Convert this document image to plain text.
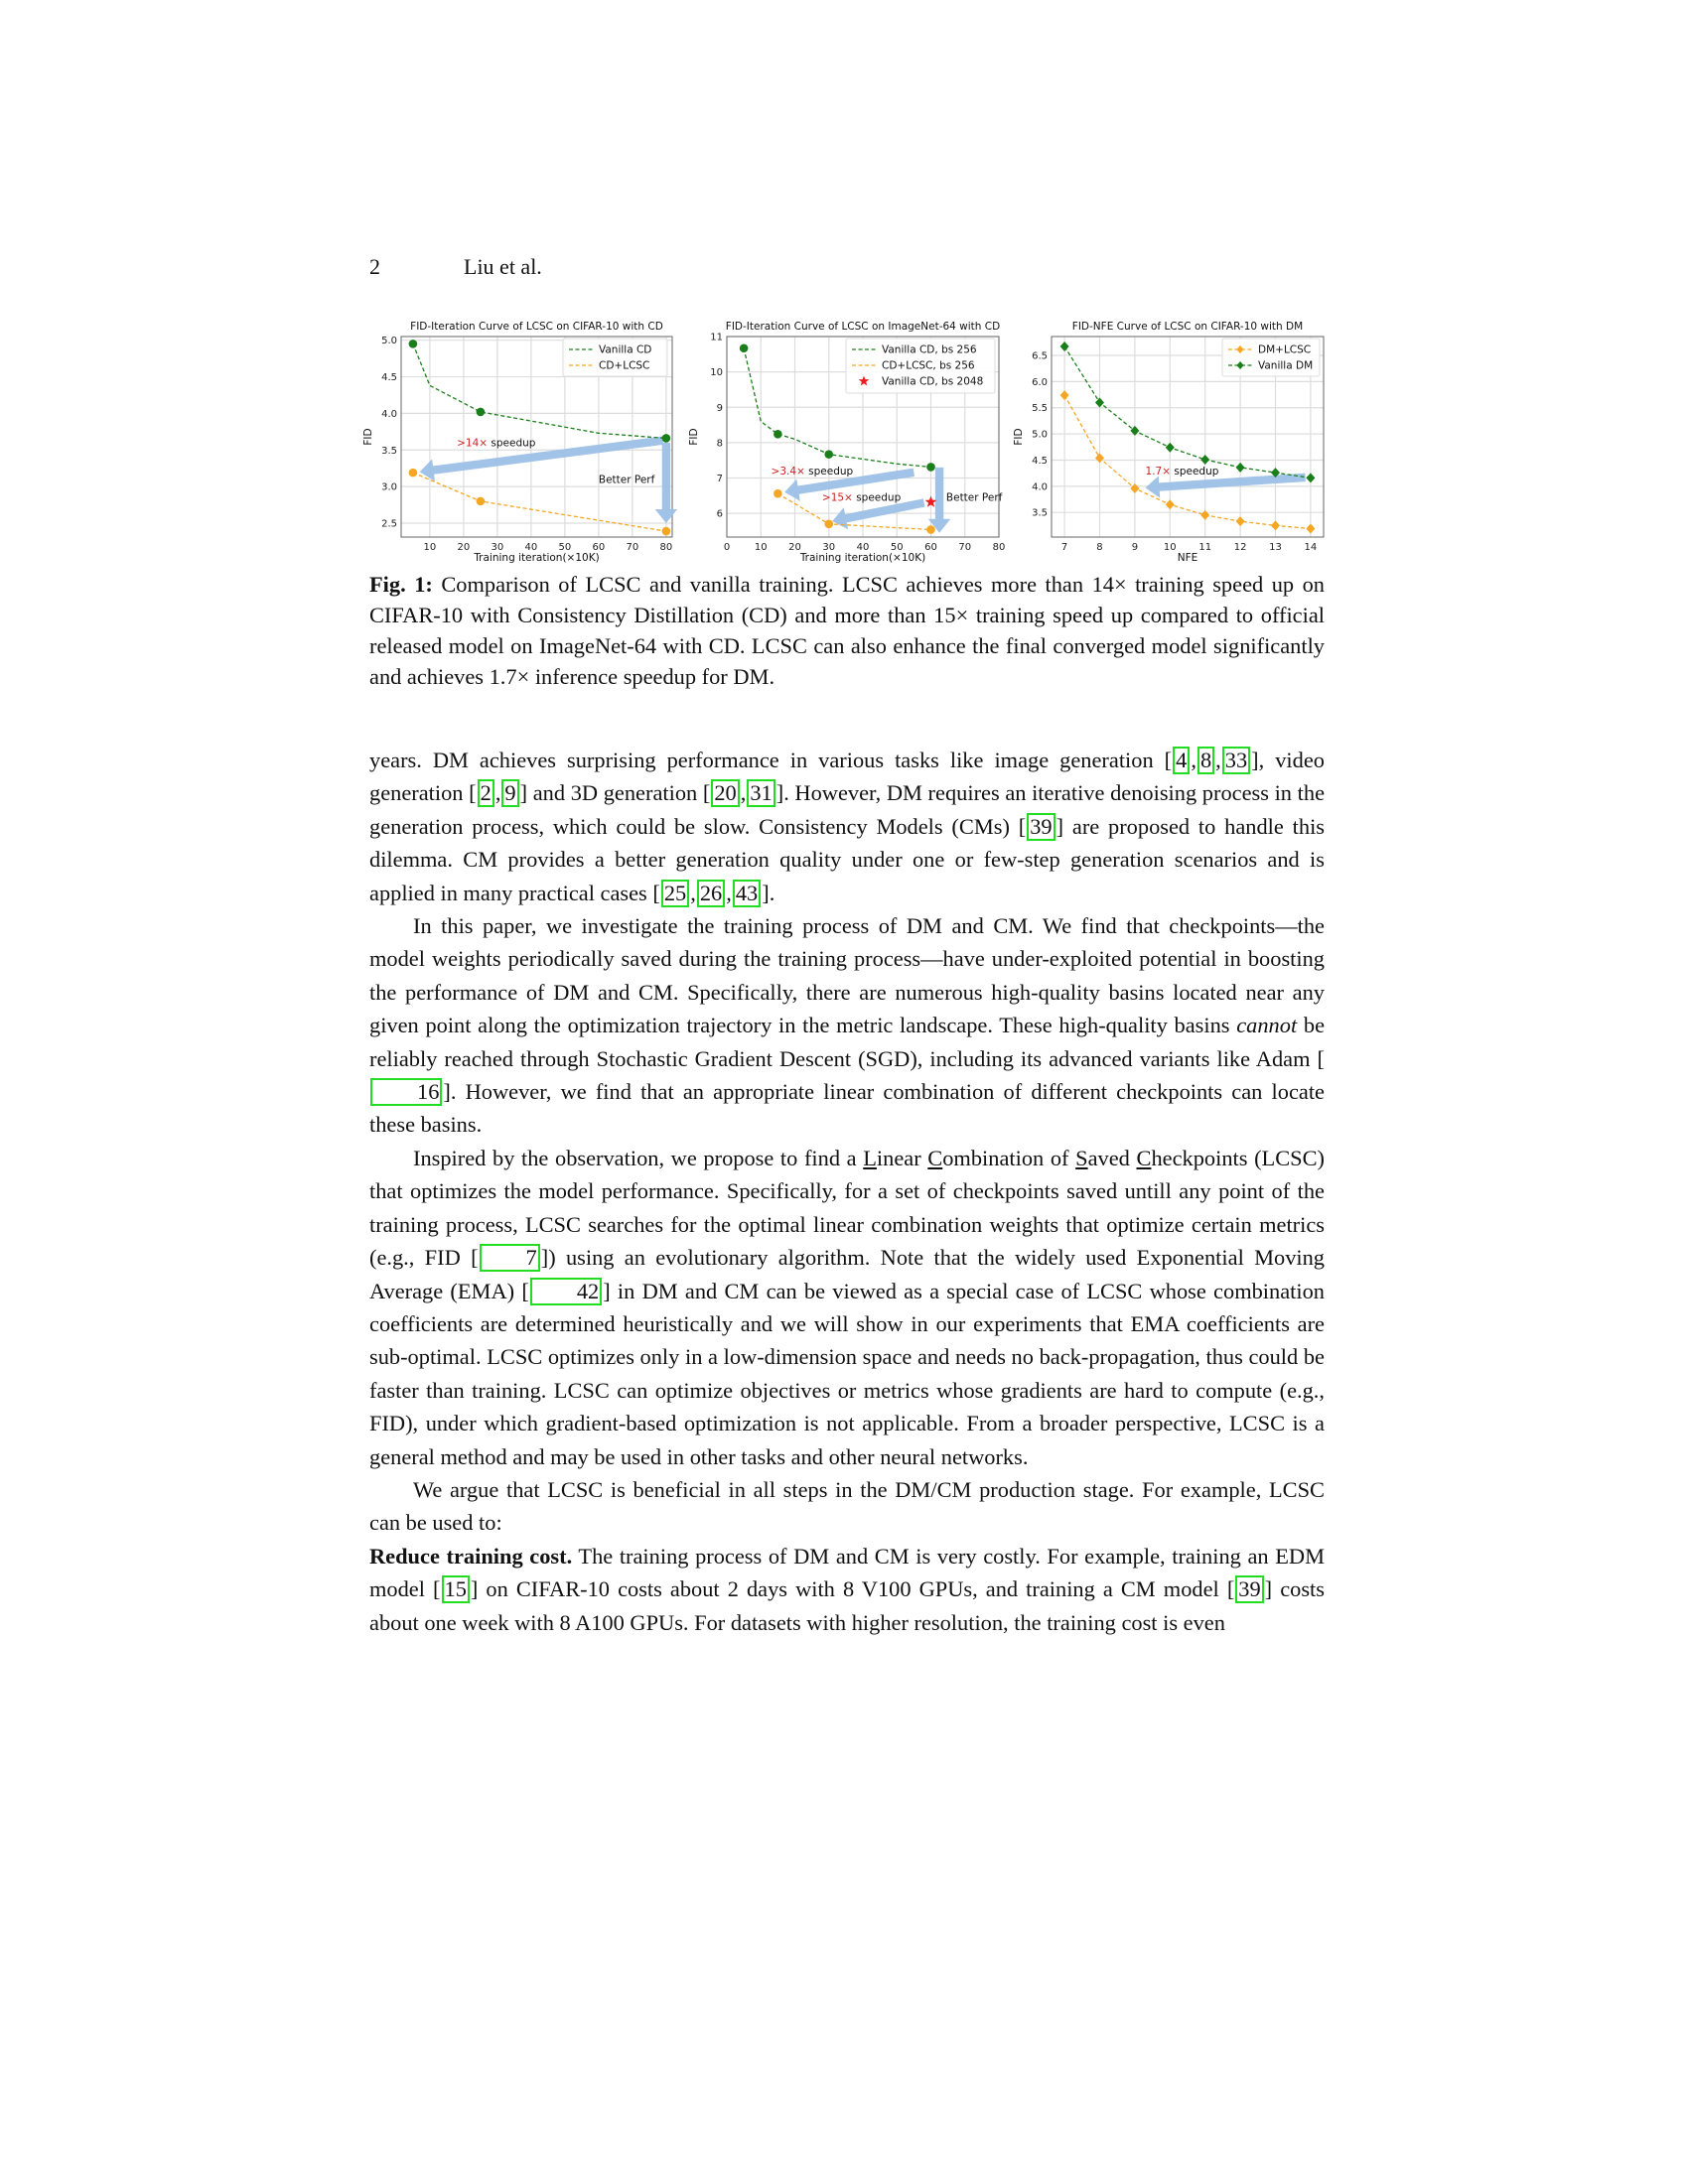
2	Liu et al.
10 20 30 40 50 60 70 80
2.5
3.0
3.5
4.0
4.5
5.0
FID-Iteration Curve of LCSC on CIFAR-10 with CD
Training iteration(×10K)
FID	>14× speedup
Better Perf
Vanilla CD
CD+LCSC
0 10 20 30 40 50 60 70 80
6
7
8
9
10
11
FID-Iteration Curve of LCSC on ImageNet-64 with CD
Training iteration(×10K)
FID
>3.4× speedup
>15× speedup	Better Perf
Vanilla CD, bs 256
CD+LCSC, bs 256
Vanilla CD, bs 2048
7	8	9	10 11 12 13 14
3.5
4.0
4.5
5.0
5.5
6.0
6.5
FID-NFE Curve of LCSC on CIFAR-10 with DM
NFE
FID
1.7× speedup
DM+LCSC
Vanilla DM
Fig. 1: Comparison of LCSC and vanilla training. LCSC achieves more than 14× training speed up on CIFAR-10 with Consistency Distillation (CD) and more than 15× training speed up compared to official released model on ImageNet-64 with CD. LCSC can also enhance the final converged model significantly and achieves 1.7× inference speedup for DM.

years. DM achieves surprising performance in various tasks like image generation [ 4 , 8 , 33 ], video generation [ 2 , 9 ] and 3D generation [ 20 , 31 ]. However, DM requires an iterative denoising process in the generation process, which could be slow. Consistency Models (CMs) [ 39 ] are proposed to handle this dilemma. CM provides a better generation quality under one or few-step generation scenarios and is applied in many practical cases [ 25 , 26 , 43 ].

In this paper, we investigate the training process of DM and CM. We find that checkpoints—the model weights periodically saved during the training process—have under-exploited potential in boosting the performance of DM and CM. Specifically, there are numerous high-quality basins located near any given point along the optimization trajectory in the metric landscape. These high-quality basins cannot be reliably reached through Stochastic Gradient Descent (SGD), including its advanced variants like Adam [16 ]. However, we find that an appropriate linear combination of different checkpoints can locate these basins.

Inspired by the observation, we propose to find a Linear Combination of Saved Checkpoints (LCSC) that optimizes the model performance. Specifically, for a set of checkpoints saved untill any point of the training process, LCSC searches for the optimal linear combination weights that optimize certain metrics (e.g., FID [ 7 ]) using an evolutionary algorithm. Note that the widely used Exponential Moving Average (EMA) [ 42 ] in DM and CM can be viewed as a special case of LCSC whose combination coefficients are determined heuristically and we will show in our experiments that EMA coefficients are sub-optimal. LCSC optimizes only in a low-dimension space and needs no back-propagation, thus could be faster than training. LCSC can optimize objectives or metrics whose gradients are hard to compute (e.g., FID), under which gradient-based optimization is not applicable. From a broader perspective, LCSC is a general method and may be used in other tasks and other neural networks.

We argue that LCSC is beneficial in all steps in the DM/CM production stage. For example, LCSC can be used to:

Reduce training cost. The training process of DM and CM is very costly. For example, training an EDM model [ 15 ] on CIFAR-10 costs about 2 days with 8 V100 GPUs, and training a CM model [ 39 ] costs about one week with 8 A100 GPUs. For datasets with higher resolution, the training cost is even
